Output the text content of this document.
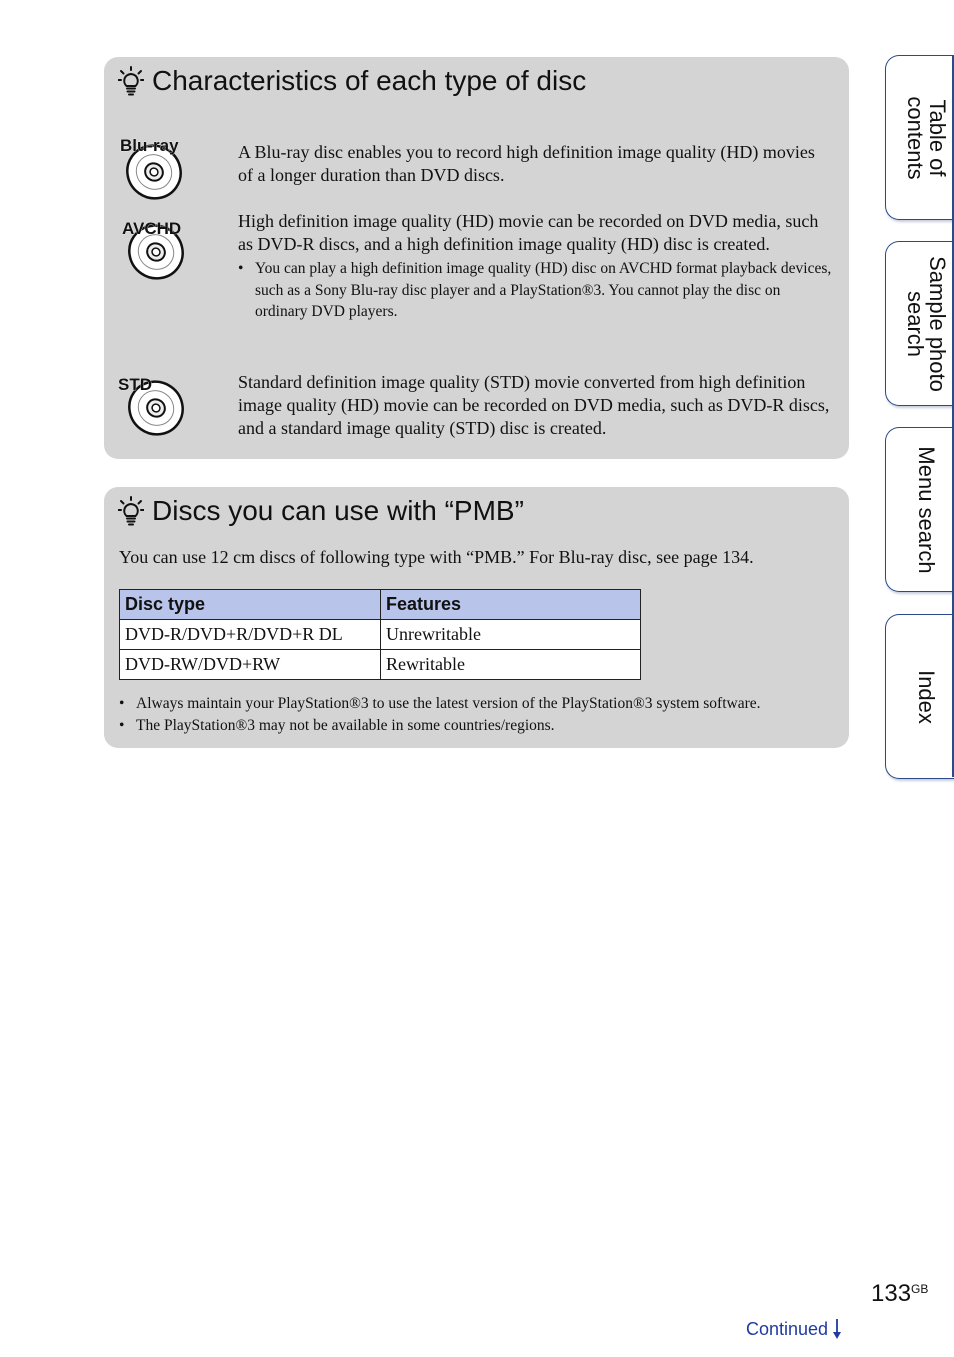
Characteristics of each type of disc
Blu-ray	A Blu-ray disc enables you to record high definition image quality (HD) movies of a longer duration than DVD discs.
AVCHD	High definition image quality (HD) movie can be recorded on DVD media, such as DVD-R discs, and a high definition image quality (HD) disc is created.
• You can play a high definition image quality (HD) disc on AVCHD format playback devices, such as a Sony Blu-ray disc player and a PlayStation®3. You cannot play the disc on ordinary DVD players.
STD	Standard definition image quality (STD) movie converted from high definition image quality (HD) movie can be recorded on DVD media, such as DVD-R discs, and a standard image quality (STD) disc is created.
Discs you can use with “PMB”
You can use 12 cm discs of following type with “PMB.” For Blu-ray disc, see page 134.
Disc type	Features
DVD-R/DVD+R/DVD+R DL	Unrewritable
DVD-RW/DVD+RW	Rewritable
• Always maintain your PlayStation®3 to use the latest version of the PlayStation®3 system software.
• The PlayStation®3 may not be available in some countries/regions.
Table of
contents
Sample photo
search
Menu search
Index
$133^{GB}$
Continued
